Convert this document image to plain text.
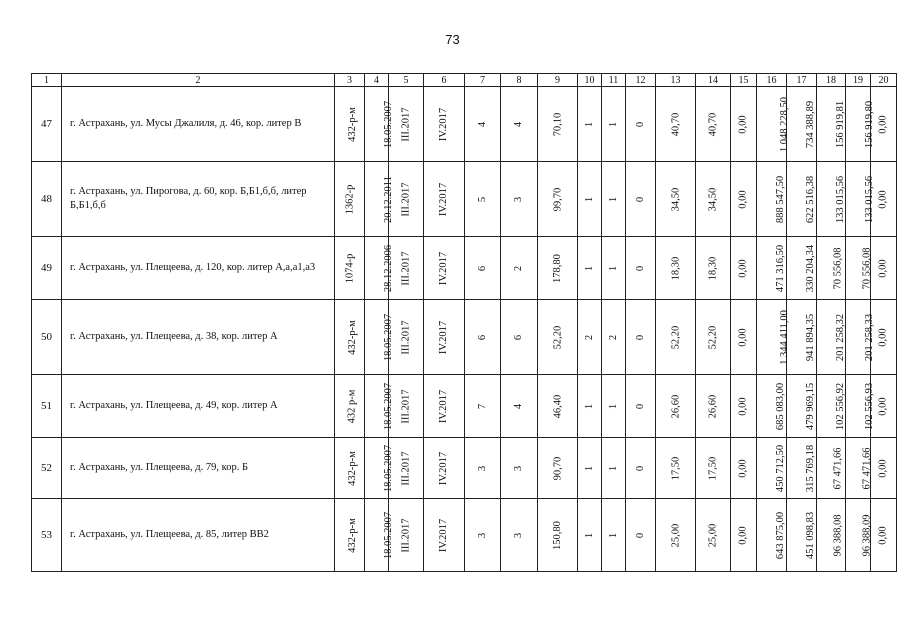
73
1	2	3	4	5	6	7	8	9	10	11	12	13	14	15	16	17	18	19	20
47	г. Астрахань, ул. Мусы Джалиля, д. 46, кор. литер В	432-р-м	18.05.2007	III.2017	IV.2017	4	4	70,10	1	1	0	40,70	40,70	0,00	1 048 228,50	734 388,89	156 919,81	156 919,80	0,00
48	г. Астрахань, ул. Пирогова, д. 60, кор. Б,Б1,б,б, литер Б,Б1,б,б	1362-р	20.12.2011	III.2017	IV.2017	5	3	99,70	1	1	0	34,50	34,50	0,00	888 547,50	622 516,38	133 015,56	133 015,56	0,00
49	г. Астрахань, ул. Плещеева, д. 120, кор. литер А,а,а1,а3	1074-р	28.12.2006	III.2017	IV.2017	6	2	178,80	1	1	0	18,30	18,30	0,00	471 316,50	330 204,34	70 556,08	70 556,08	0,00
50	г. Астрахань, ул. Плещеева, д. 38, кор. литер А	432-р-м	18.05.2007	III.2017	IV.2017	6	6	52,20	2	2	0	52,20	52,20	0,00	1 344 411,00	941 894,35	201 258,32	201 258,33	0,00
51	г. Астрахань, ул. Плещеева, д. 49, кор. литер А	432 р-м	18.05.2007	III.2017	IV.2017	7	4	46,40	1	1	0	26,60	26,60	0,00	685 083,00	479 969,15	102 556,92	102 556,93	0,00
52	г. Астрахань, ул. Плещеева, д. 79, кор. Б	432-р-м	18.05.2007	III.2017	IV.2017	3	3	90,70	1	1	0	17,50	17,50	0,00	450 712,50	315 769,18	67 471,66	67 471,66	0,00
53	г. Астрахань, ул. Плещеева, д. 85, литер ВВ2	432-р-м	18.05.2007	III.2017	IV.2017	3	3	150,80	1	1	0	25,00	25,00	0,00	643 875,00	451 098,83	96 388,08	96 388,09	0,00
